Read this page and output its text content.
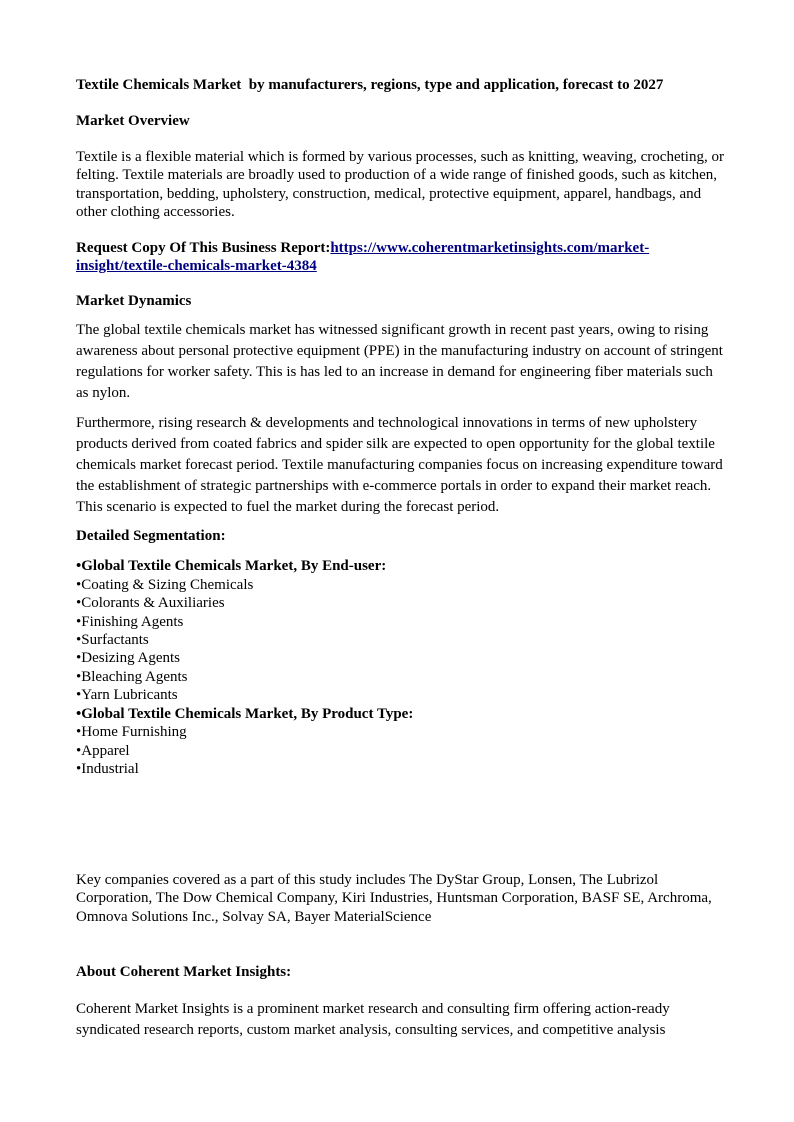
Textile Chemicals Market  by manufacturers, regions, type and application, forecast to 2027
Market Overview
Textile is a flexible material which is formed by various processes, such as knitting, weaving, crocheting, or felting. Textile materials are broadly used to production of a wide range of finished goods, such as kitchen, transportation, bedding, upholstery, construction, medical, protective equipment, apparel, handbags, and other clothing accessories.
Request Copy Of This Business Report:https://www.coherentmarketinsights.com/market-insight/textile-chemicals-market-4384
Market Dynamics
The global textile chemicals market has witnessed significant growth in recent past years, owing to rising awareness about personal protective equipment (PPE) in the manufacturing industry on account of stringent regulations for worker safety. This is has led to an increase in demand for engineering fiber materials such as nylon.
Furthermore, rising research & developments and technological innovations in terms of new upholstery products derived from coated fabrics and spider silk are expected to open opportunity for the global textile chemicals market forecast period. Textile manufacturing companies focus on increasing expenditure toward the establishment of strategic partnerships with e-commerce portals in order to expand their market reach. This scenario is expected to fuel the market during the forecast period.
Detailed Segmentation:
•Global Textile Chemicals Market, By End-user:
•Coating & Sizing Chemicals
•Colorants & Auxiliaries
•Finishing Agents
•Surfactants
•Desizing Agents
•Bleaching Agents
•Yarn Lubricants
•Global Textile Chemicals Market, By Product Type:
•Home Furnishing
•Apparel
•Industrial
Key companies covered as a part of this study includes The DyStar Group, Lonsen, The Lubrizol Corporation, The Dow Chemical Company, Kiri Industries, Huntsman Corporation, BASF SE, Archroma, Omnova Solutions Inc., Solvay SA, Bayer MaterialScience
About Coherent Market Insights:
Coherent Market Insights is a prominent market research and consulting firm offering action-ready syndicated research reports, custom market analysis, consulting services, and competitive analysis
